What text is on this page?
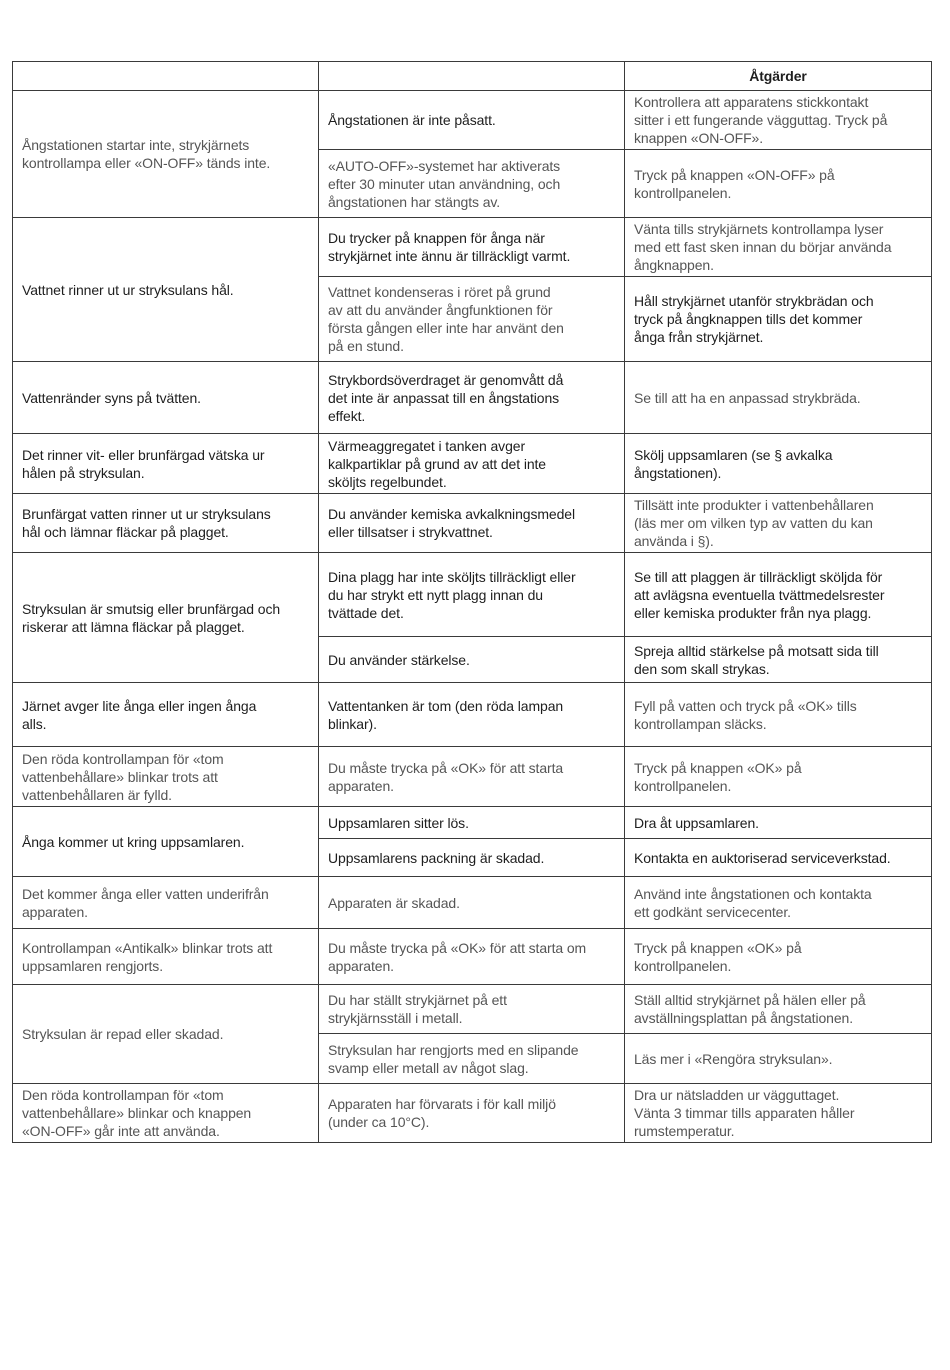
		Åtgärder
Ångstationen startar inte, strykjärnets
kontrollampa eller «ON-OFF» tänds inte.	Ångstationen är inte påsatt.	Kontrollera att apparatens stickkontakt
sitter i ett fungerande vägguttag. Tryck på
knappen «ON-OFF».
	«AUTO-OFF»-systemet har aktiverats
efter 30 minuter utan användning, och
ångstationen har stängts av.	Tryck på knappen «ON-OFF» på
kontrollpanelen.
Vattnet rinner ut ur stryksulans hål.	Du trycker på knappen för ånga när
strykjärnet inte ännu är tillräckligt varmt.	Vänta tills strykjärnets kontrollampa lyser
med ett fast sken innan du börjar använda
ångknappen.
	Vattnet kondenseras i röret på grund
av att du använder ångfunktionen för
första gången eller inte har använt den
på en stund.	Håll strykjärnet utanför strykbrädan och
tryck på ångknappen tills det kommer
ånga från strykjärnet.
Vattenränder syns på tvätten.	Strykbordsöverdraget är genomvått då
det inte är anpassat till en ångstations
effekt.	Se till att ha en anpassad strykbräda.
Det rinner vit- eller brunfärgad vätska ur
hålen på stryksulan.	Värmeaggregatet i tanken avger
kalkpartiklar på grund av att det inte
sköljts regelbundet.	Skölj uppsamlaren (se § avkalka
ångstationen).
Brunfärgat vatten rinner ut ur stryksulans
hål och lämnar fläckar på plagget.	Du använder kemiska avkalkningsmedel
eller tillsatser i strykvattnet.	Tillsätt inte produkter i vattenbehållaren
(läs mer om vilken typ av vatten du kan
använda i §).
Stryksulan är smutsig eller brunfärgad och
riskerar att lämna fläckar på plagget.	Dina plagg har inte sköljts tillräckligt eller
du har strykt ett nytt plagg innan du
tvättade det.	Se till att plaggen är tillräckligt sköljda för
att avlägsna eventuella tvättmedelsrester
eller kemiska produkter från nya plagg.
	Du använder stärkelse.	Spreja alltid stärkelse på motsatt sida till
den som skall strykas.
Järnet avger lite ånga eller ingen ånga
alls.	Vattentanken är tom (den röda lampan
blinkar).	Fyll på vatten och tryck på «OK» tills
kontrollampan släcks.
Den röda kontrollampan för «tom
vattenbehållare» blinkar trots att
vattenbehållaren är fylld.	Du måste trycka på «OK» för att starta
apparaten.	Tryck på knappen «OK» på
kontrollpanelen.
Ånga kommer ut kring uppsamlaren.	Uppsamlaren sitter lös.	Dra åt uppsamlaren.
	Uppsamlarens packning är skadad.	Kontakta en auktoriserad serviceverkstad.
Det kommer ånga eller vatten underifrån
apparaten.	Apparaten är skadad.	Använd inte ångstationen och kontakta
ett godkänt servicecenter.
Kontrollampan «Antikalk» blinkar trots att
uppsamlaren rengjorts.	Du måste trycka på «OK» för att starta om
apparaten.	Tryck på knappen «OK» på
kontrollpanelen.
Stryksulan är repad eller skadad.	Du har ställt strykjärnet på ett
strykjärnsställ i metall.	Ställ alltid strykjärnet på hälen eller på
avställningsplattan på ångstationen.
	Stryksulan har rengjorts med en slipande
svamp eller metall av något slag.	Läs mer i «Rengöra stryksulan».
Den röda kontrollampan för «tom
vattenbehållare» blinkar och knappen
«ON-OFF» går inte att använda.	Apparaten har förvarats i för kall miljö
(under ca 10°C).	Dra ur nätsladden ur vägguttaget.
Vänta 3 timmar tills apparaten håller
rumstemperatur.
